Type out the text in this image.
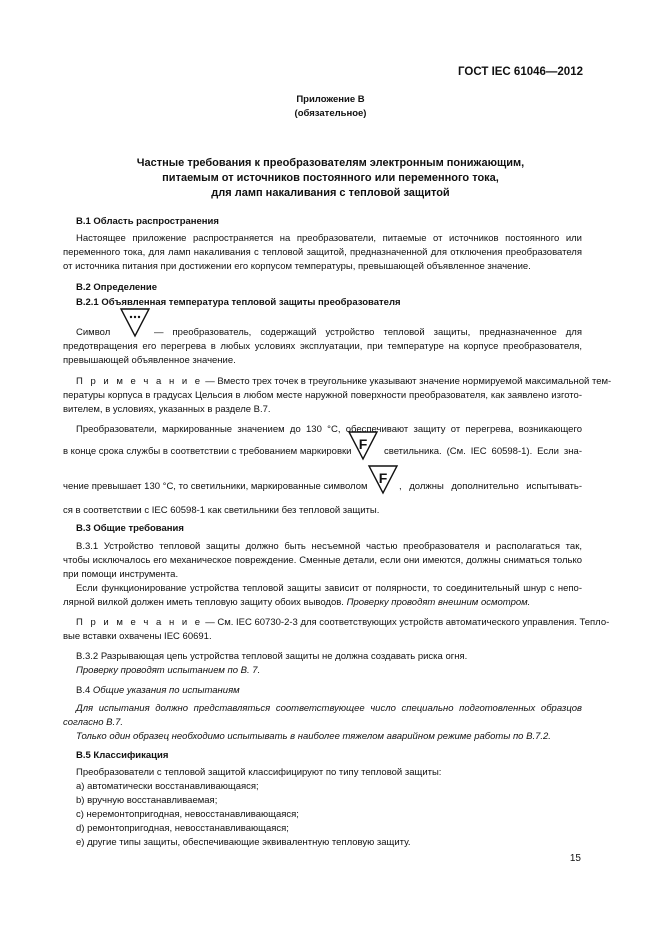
ГОСТ IEC 61046—2012
Приложение В
(обязательное)
Частные требования к преобразователям электронным понижающим,
питаемым от источников постоянного или переменного тока,
для ламп накаливания с тепловой защитой
В.1 Область распространения
Настоящее приложение распространяется на преобразователи, питаемые от источников постоянного или
переменного тока, для ламп накаливания с тепловой защитой, предназначенной для отключения преобразователя
от источника питания при достижении его корпусом температуры, превышающей объявленное значение.
В.2 Определение
В.2.1 Объявленная температура тепловой защиты преобразователя
Символ	— преобразователь, содержащий устройство тепловой защиты, предназначенное для
предотвращения его перегрева в любых условиях эксплуатации, при температуре на корпусе преобразователя,
превышающей объявленное значение.
П р и м е ч а н и е — Вместо трех точек в треугольнике указывают значение нормируемой максимальной тем-
пературы корпуса в градусах Цельсия в любом месте наружной поверхности преобразователя, как заявлено изгото-
вителем, в условиях, указанных в разделе В.7.
Преобразователи, маркированные значением до 130 °С, обеспечивают защиту от перегрева, возникающего
F
в конце срока службы в соответствии с требованием маркировки	светильника. (См. IEC 60598-1). Если зна-
F
чение превышает 130 °С, то светильники, маркированные символом	, должны дополнительно испытывать-
ся в соответствии с IEC 60598-1 как светильники без тепловой защиты.
В.3 Общие требования
В.3.1 Устройство тепловой защиты должно быть несъемной частью преобразователя и располагаться так,
чтобы исключалось его механическое повреждение. Сменные детали, если они имеются, должны сниматься только
при помощи инструмента.
Если функционирование устройства тепловой защиты зависит от полярности, то соединительный шнур с непо-
лярной вилкой должен иметь тепловую защиту обоих выводов. Проверку проводят внешним осмотром.
П р и м е ч а н и е — См. IEC 60730-2-3 для соответствующих устройств автоматического управления. Тепло-
вые вставки охвачены IEC 60691.
В.3.2 Разрывающая цепь устройства тепловой защиты не должна создавать риска огня.
Проверку проводят испытанием по В. 7.
В.4 Общие указания по испытаниям
Для испытания должно представляться соответствующее число специально подготовленных образцов
согласно В.7.
Только один образец необходимо испытывать в наиболее тяжелом аварийном режиме работы по В.7.2.
В.5 Классификация
Преобразователи с тепловой защитой классифицируют по типу тепловой защиты:
а) автоматически восстанавливающаяся;
b) вручную восстанавливаемая;
с) неремонтопригодная, невосстанавливающаяся;
d) ремонтопригодная, невосстанавливающаяся;
е) другие типы защиты, обеспечивающие эквивалентную тепловую защиту.
15
